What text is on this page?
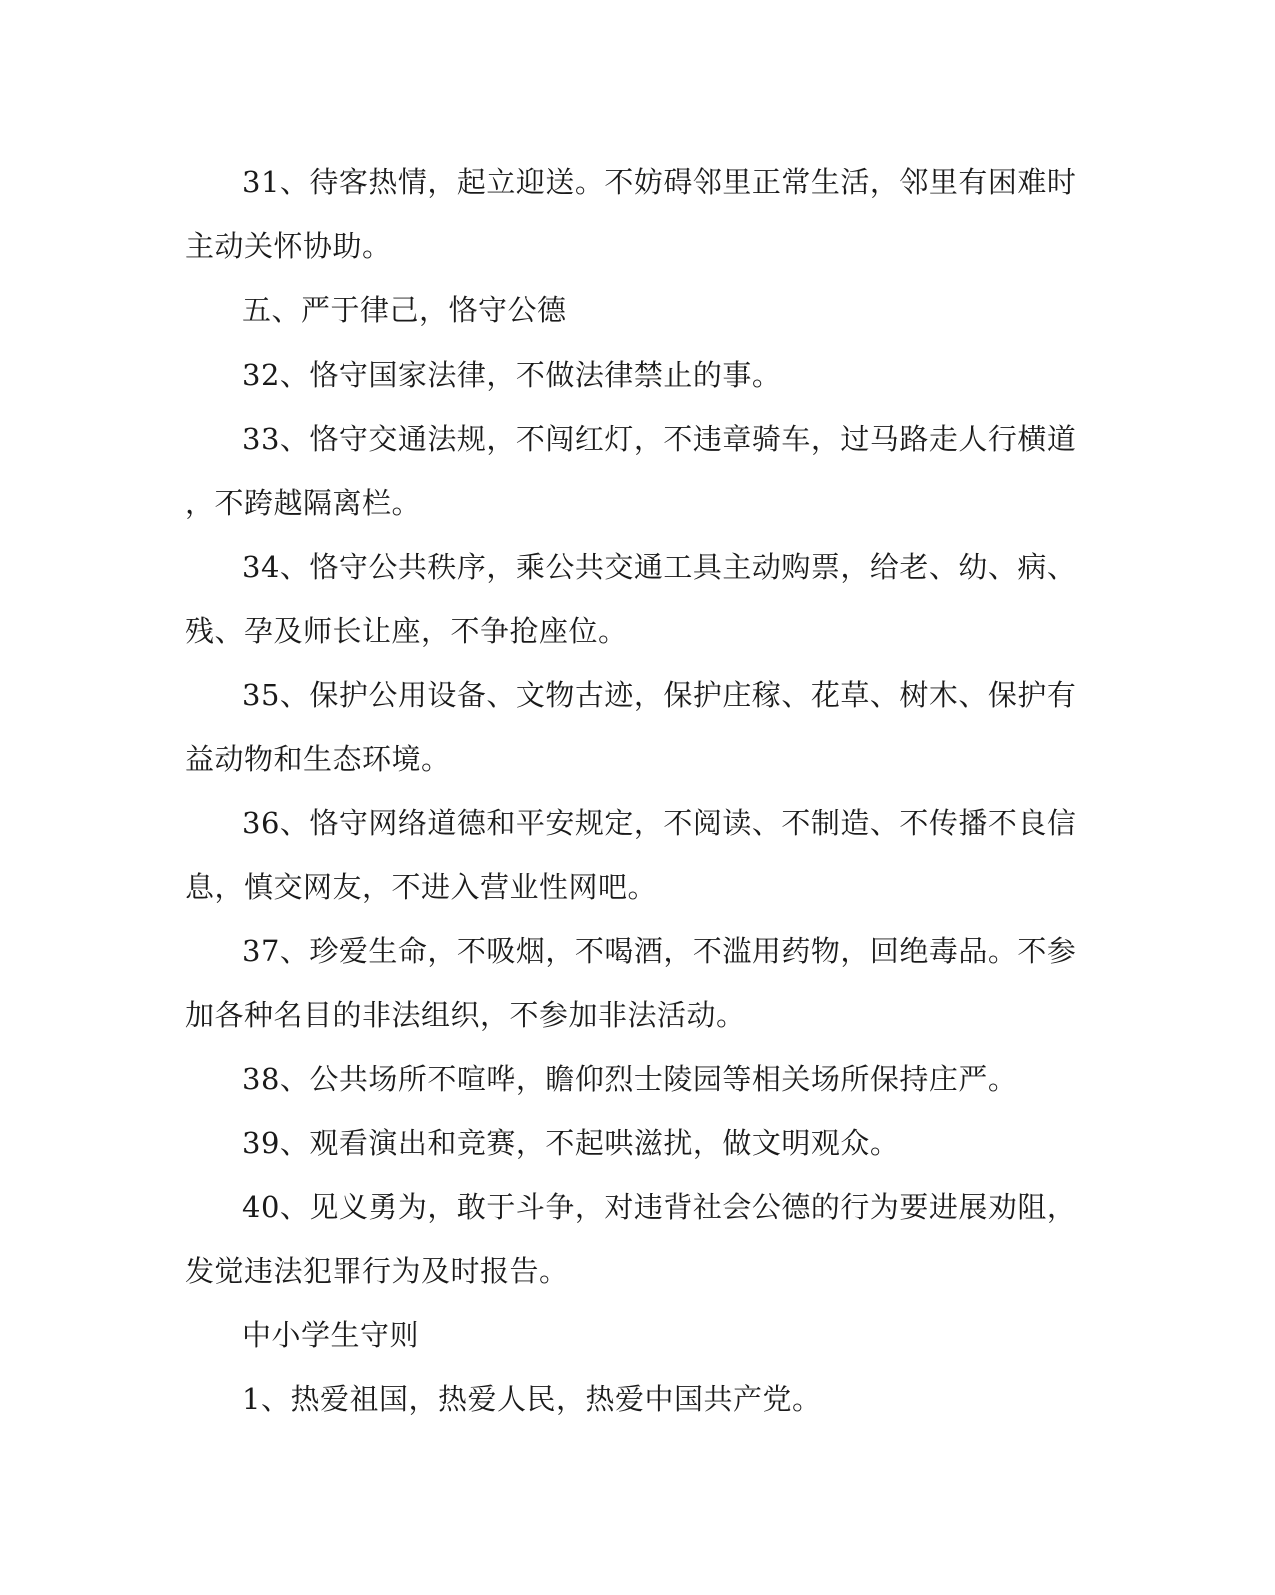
31、待客热情，起立迎送。不妨碍邻里正常生活，邻里有困难时
主动关怀协助。
五、严于律己，恪守公德
32、恪守国家法律，不做法律禁止的事。
33、恪守交通法规，不闯红灯，不违章骑车，过马路走人行横道
，不跨越隔离栏。
34、恪守公共秩序，乘公共交通工具主动购票，给老、幼、病、
残、孕及师长让座，不争抢座位。
35、保护公用设备、文物古迹，保护庄稼、花草、树木、保护有
益动物和生态环境。
36、恪守网络道德和平安规定，不阅读、不制造、不传播不良信
息，慎交网友，不进入营业性网吧。
37、珍爱生命，不吸烟，不喝酒，不滥用药物，回绝毒品。不参
加各种名目的非法组织，不参加非法活动。
38、公共场所不喧哗，瞻仰烈士陵园等相关场所保持庄严。
39、观看演出和竞赛，不起哄滋扰，做文明观众。
40、见义勇为，敢于斗争，对违背社会公德的行为要进展劝阻，
发觉违法犯罪行为及时报告。
中小学生守则
1、热爱祖国，热爱人民，热爱中国共产党。
